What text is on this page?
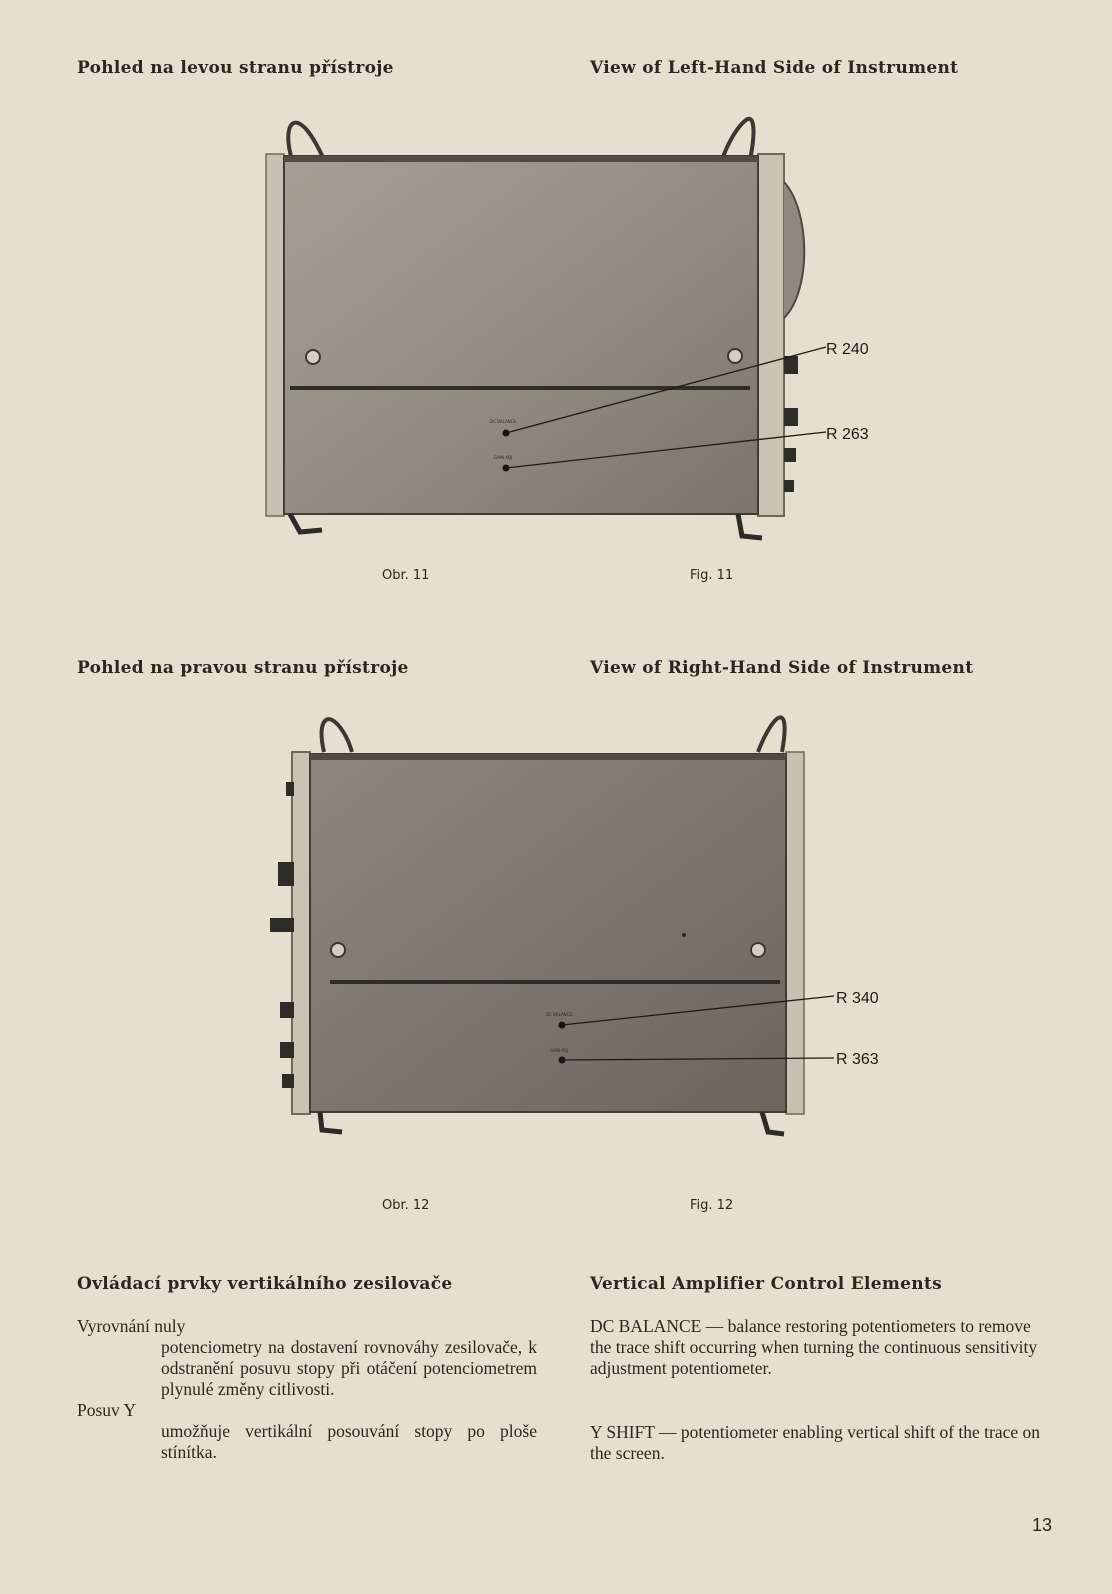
Pohled na levou stranu přístroje	View of Left-Hand Side of Instrument
DC BALANCE
GAIN ADJ.
R 240
R 263
Obr. 11	Fig. 11
Pohled na pravou stranu přístroje	View of Right-Hand Side of Instrument
DC BALANCE
GAIN ADJ.
R 340
R 363
Obr. 12	Fig. 12
Ovládací prvky vertikálního zesilovače	Vertical Amplifier Control Elements
Vyrovnání nuly
potenciometry na dostavení rovnováhy zesilovače, k odstranění posuvu stopy při otáčení potenciometrem plynulé změny citlivosti.
Posuv Y
umožňuje vertikální posouvání stopy po ploše stínítka.
DC BALANCE — balance restoring potentiometers to remove the trace shift occurring when turning the continuous sensitivity adjustment potentiometer.
Y SHIFT — potentiometer enabling vertical shift of the trace on the screen.
13
